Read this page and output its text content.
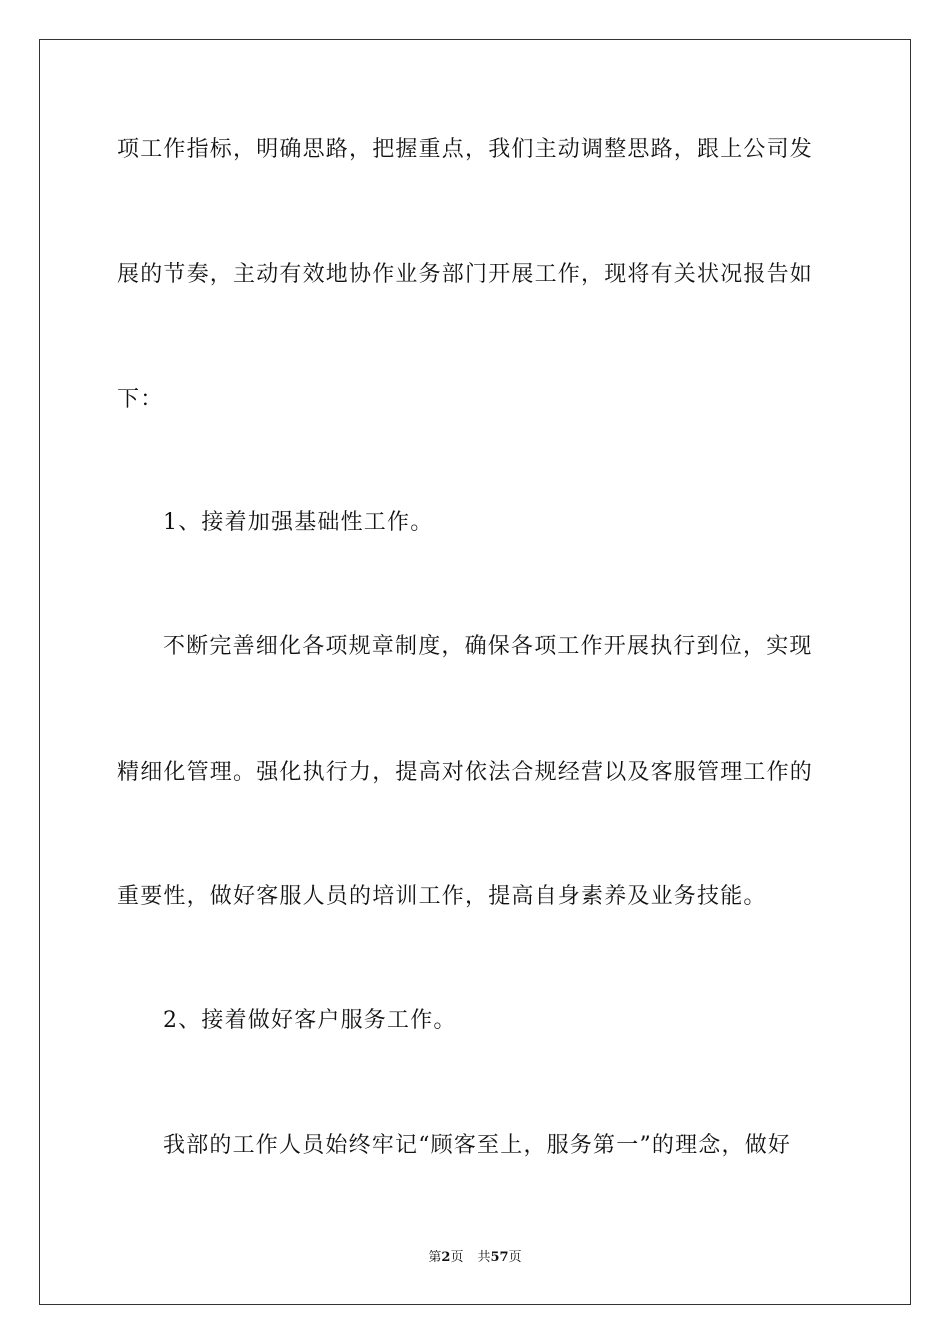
项工作指标，明确思路，把握重点，我们主动调整思路，跟上公司发
展的节奏，主动有效地协作业务部门开展工作，现将有关状况报告如
下：
1、接着加强基础性工作。
不断完善细化各项规章制度，确保各项工作开展执行到位，实现
精细化管理。强化执行力，提高对依法合规经营以及客服管理工作的
重要性，做好客服人员的培训工作，提高自身素养及业务技能。
2、接着做好客户服务工作。
我部的工作人员始终牢记“顾客至上，服务第一”的理念，做好
第2页 共57页
